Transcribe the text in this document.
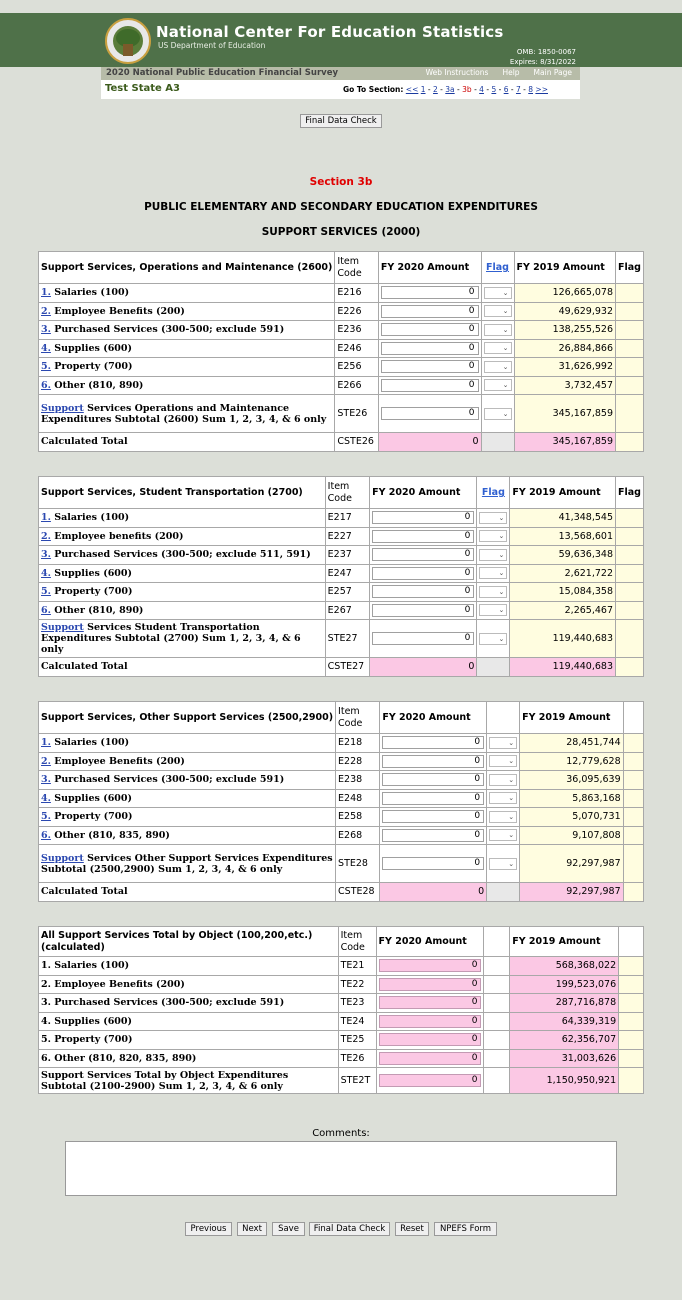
National Center For Education Statistics
US Department of Education
OMB: 1850-0067
Expires: 8/31/2022
2020 National Public Education Financial Survey	Web Instructions Help Main Page
Test State A3	Go To Section: << 1 - 2 - 3a - 3b - 4 - 5 - 6 - 7 - 8 >>
Final Data Check
Section 3b
PUBLIC ELEMENTARY AND SECONDARY EDUCATION EXPENDITURES
SUPPORT SERVICES (2000)
Support Services, Operations and Maintenance (2600)	Item Code	FY 2020 Amount	Flag	FY 2019 Amount	Flag
1. Salaries (100)	E216	0	⌄	126,665,078	
2. Employee Benefits (200)	E226	0	⌄	49,629,932	
3. Purchased Services (300-500; exclude 591)	E236	0	⌄	138,255,526	
4. Supplies (600)	E246	0	⌄	26,884,866	
5. Property (700)	E256	0	⌄	31,626,992	
6. Other (810, 890)	E266	0	⌄	3,732,457	
Support Services Operations and Maintenance Expenditures Subtotal (2600) Sum 1, 2, 3, 4, & 6 only	STE26	0	⌄	345,167,859	
Calculated Total	CSTE26	0		345,167,859	
Support Services, Student Transportation (2700)	Item Code	FY 2020 Amount	Flag	FY 2019 Amount	Flag
1. Salaries (100)	E217	0	⌄	41,348,545	
2. Employee benefits (200)	E227	0	⌄	13,568,601	
3. Purchased Services (300-500; exclude 511, 591)	E237	0	⌄	59,636,348	
4. Supplies (600)	E247	0	⌄	2,621,722	
5. Property (700)	E257	0	⌄	15,084,358	
6. Other (810, 890)	E267	0	⌄	2,265,467	
Support Services Student Transportation Expenditures Subtotal (2700) Sum 1, 2, 3, 4, & 6 only	STE27	0	⌄	119,440,683	
Calculated Total	CSTE27	0		119,440,683	
Support Services, Other Support Services (2500,2900)	Item Code	FY 2020 Amount		FY 2019 Amount	
1. Salaries (100)	E218	0	⌄	28,451,744	
2. Employee Benefits (200)	E228	0	⌄	12,779,628	
3. Purchased Services (300-500; exclude 591)	E238	0	⌄	36,095,639	
4. Supplies (600)	E248	0	⌄	5,863,168	
5. Property (700)	E258	0	⌄	5,070,731	
6. Other (810, 835, 890)	E268	0	⌄	9,107,808	
Support Services Other Support Services Expenditures Subtotal (2500,2900) Sum 1, 2, 3, 4, & 6 only	STE28	0	⌄	92,297,987	
Calculated Total	CSTE28	0		92,297,987	
All Support Services Total by Object (100,200,etc.) (calculated)	Item Code	FY 2020 Amount		FY 2019 Amount	
1. Salaries (100)	TE21	0		568,368,022	
2. Employee Benefits (200)	TE22	0		199,523,076	
3. Purchased Services (300-500; exclude 591)	TE23	0		287,716,878	
4. Supplies (600)	TE24	0		64,339,319	
5. Property (700)	TE25	0		62,356,707	
6. Other (810, 820, 835, 890)	TE26	0		31,003,626	
Support Services Total by Object Expenditures Subtotal (2100-2900) Sum 1, 2, 3, 4, & 6 only	STE2T	0		1,150,950,921	
Comments:
Previous	Next	Save	Final Data Check	Reset	NPEFS Form
